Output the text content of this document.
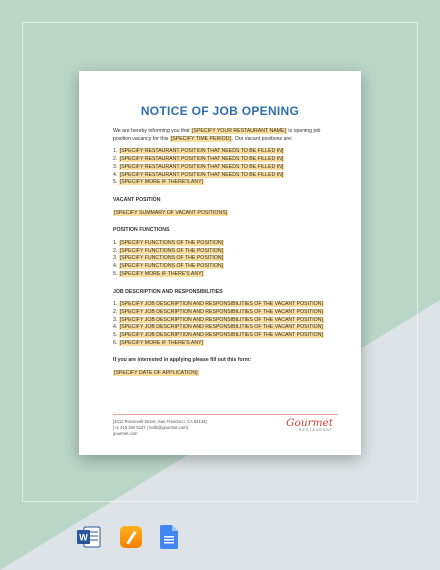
NOTICE OF JOB OPENING
We are hereby informing you that [SPECIFY YOUR RESTAURANT NAME] is opening job position vacancy for this [SPECIFY TIME PERIOD]. Our vacant positions are:
1. [SPECIFY RESTAURANT POSITION THAT NEEDS TO BE FILLED IN]
2. [SPECIFY RESTAURANT POSITION THAT NEEDS TO BE FILLED IN]
3. [SPECIFY RESTAURANT POSITION THAT NEEDS TO BE FILLED IN]
4. [SPECIFY RESTAURANT POSITION THAT NEEDS TO BE FILLED IN]
5. [SPECIFY MORE IF THERE'S ANY]
VACANT POSITION
[SPECIFY SUMMARY OF VACANT POSITIONS]
POSITION FUNCTIONS
1. [SPECIFY FUNCTIONS OF THE POSITION]
2. [SPECIFY FUNCTIONS OF THE POSITION]
3. [SPECIFY FUNCTIONS OF THE POSITION]
4. [SPECIFY FUNCTIONS OF THE POSITION]
5. [SPECIFY MORE IF THERE'S ANY]
JOB DESCRIPTION AND RESPONSIBILITIES
1. [SPECIFY JOB DESCRIPTION AND RESPONSIBILITIES OF THE VACANT POSITION]
2. [SPECIFY JOB DESCRIPTION AND RESPONSIBILITIES OF THE VACANT POSITION]
3. [SPECIFY JOB DESCRIPTION AND RESPONSIBILITIES OF THE VACANT POSITION]
4. [SPECIFY JOB DESCRIPTION AND RESPONSIBILITIES OF THE VACANT POSITION]
5. [SPECIFY JOB DESCRIPTION AND RESPONSIBILITIES OF THE VACANT POSITION]
6. [SPECIFY MORE IF THERE'S ANY]
If you are interested in applying please fill out this form:
[SPECIFY DATE OF APPLICATION]
[4412 Roosevelt Street, San Francisco, CA 94134]
[+1 415 350 5127 | hello@gourmet.com]
gourmet.com
Gourmet
RESTAURANT
W
